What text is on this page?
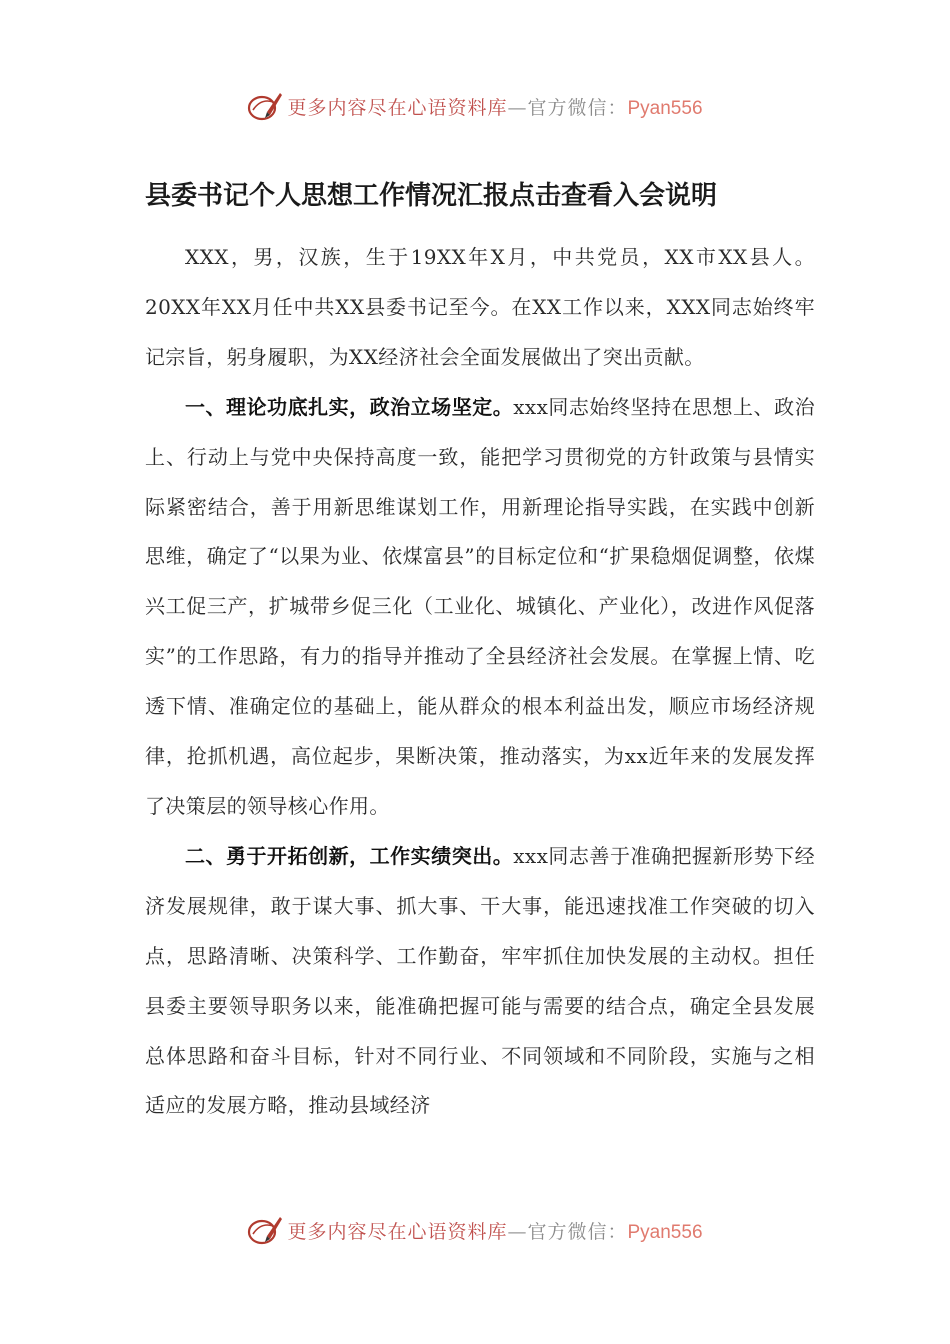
更多内容尽在心语资料库—官方微信：Pyan556
县委书记个人思想工作情况汇报点击查看入会说明

XXX，男，汉族，生于19XX年X月，中共党员，XX市XX县人。20XX年XX月任中共XX县委书记至今。在XX工作以来，XXX同志始终牢记宗旨，躬身履职，为XX经济社会全面发展做出了突出贡献。

一、理论功底扎实，政治立场坚定。xxx同志始终坚持在思想上、政治上、行动上与党中央保持高度一致，能把学习贯彻党的方针政策与县情实际紧密结合，善于用新思维谋划工作，用新理论指导实践，在实践中创新思维，确定了“以果为业、依煤富县”的目标定位和“扩果稳烟促调整，依煤兴工促三产，扩城带乡促三化（工业化、城镇化、产业化），改进作风促落实”的工作思路，有力的指导并推动了全县经济社会发展。在掌握上情、吃透下情、准确定位的基础上，能从群众的根本利益出发，顺应市场经济规律，抢抓机遇，高位起步，果断决策，推动落实，为xx近年来的发展发挥了决策层的领导核心作用。

二、勇于开拓创新，工作实绩突出。xxx同志善于准确把握新形势下经济发展规律，敢于谋大事、抓大事、干大事，能迅速找准工作突破的切入点，思路清晰、决策科学、工作勤奋，牢牢抓住加快发展的主动权。担任县委主要领导职务以来，能准确把握可能与需要的结合点，确定全县发展总体思路和奋斗目标，针对不同行业、不同领域和不同阶段，实施与之相适应的发展方略，推动县域经济

更多内容尽在心语资料库—官方微信：Pyan556
